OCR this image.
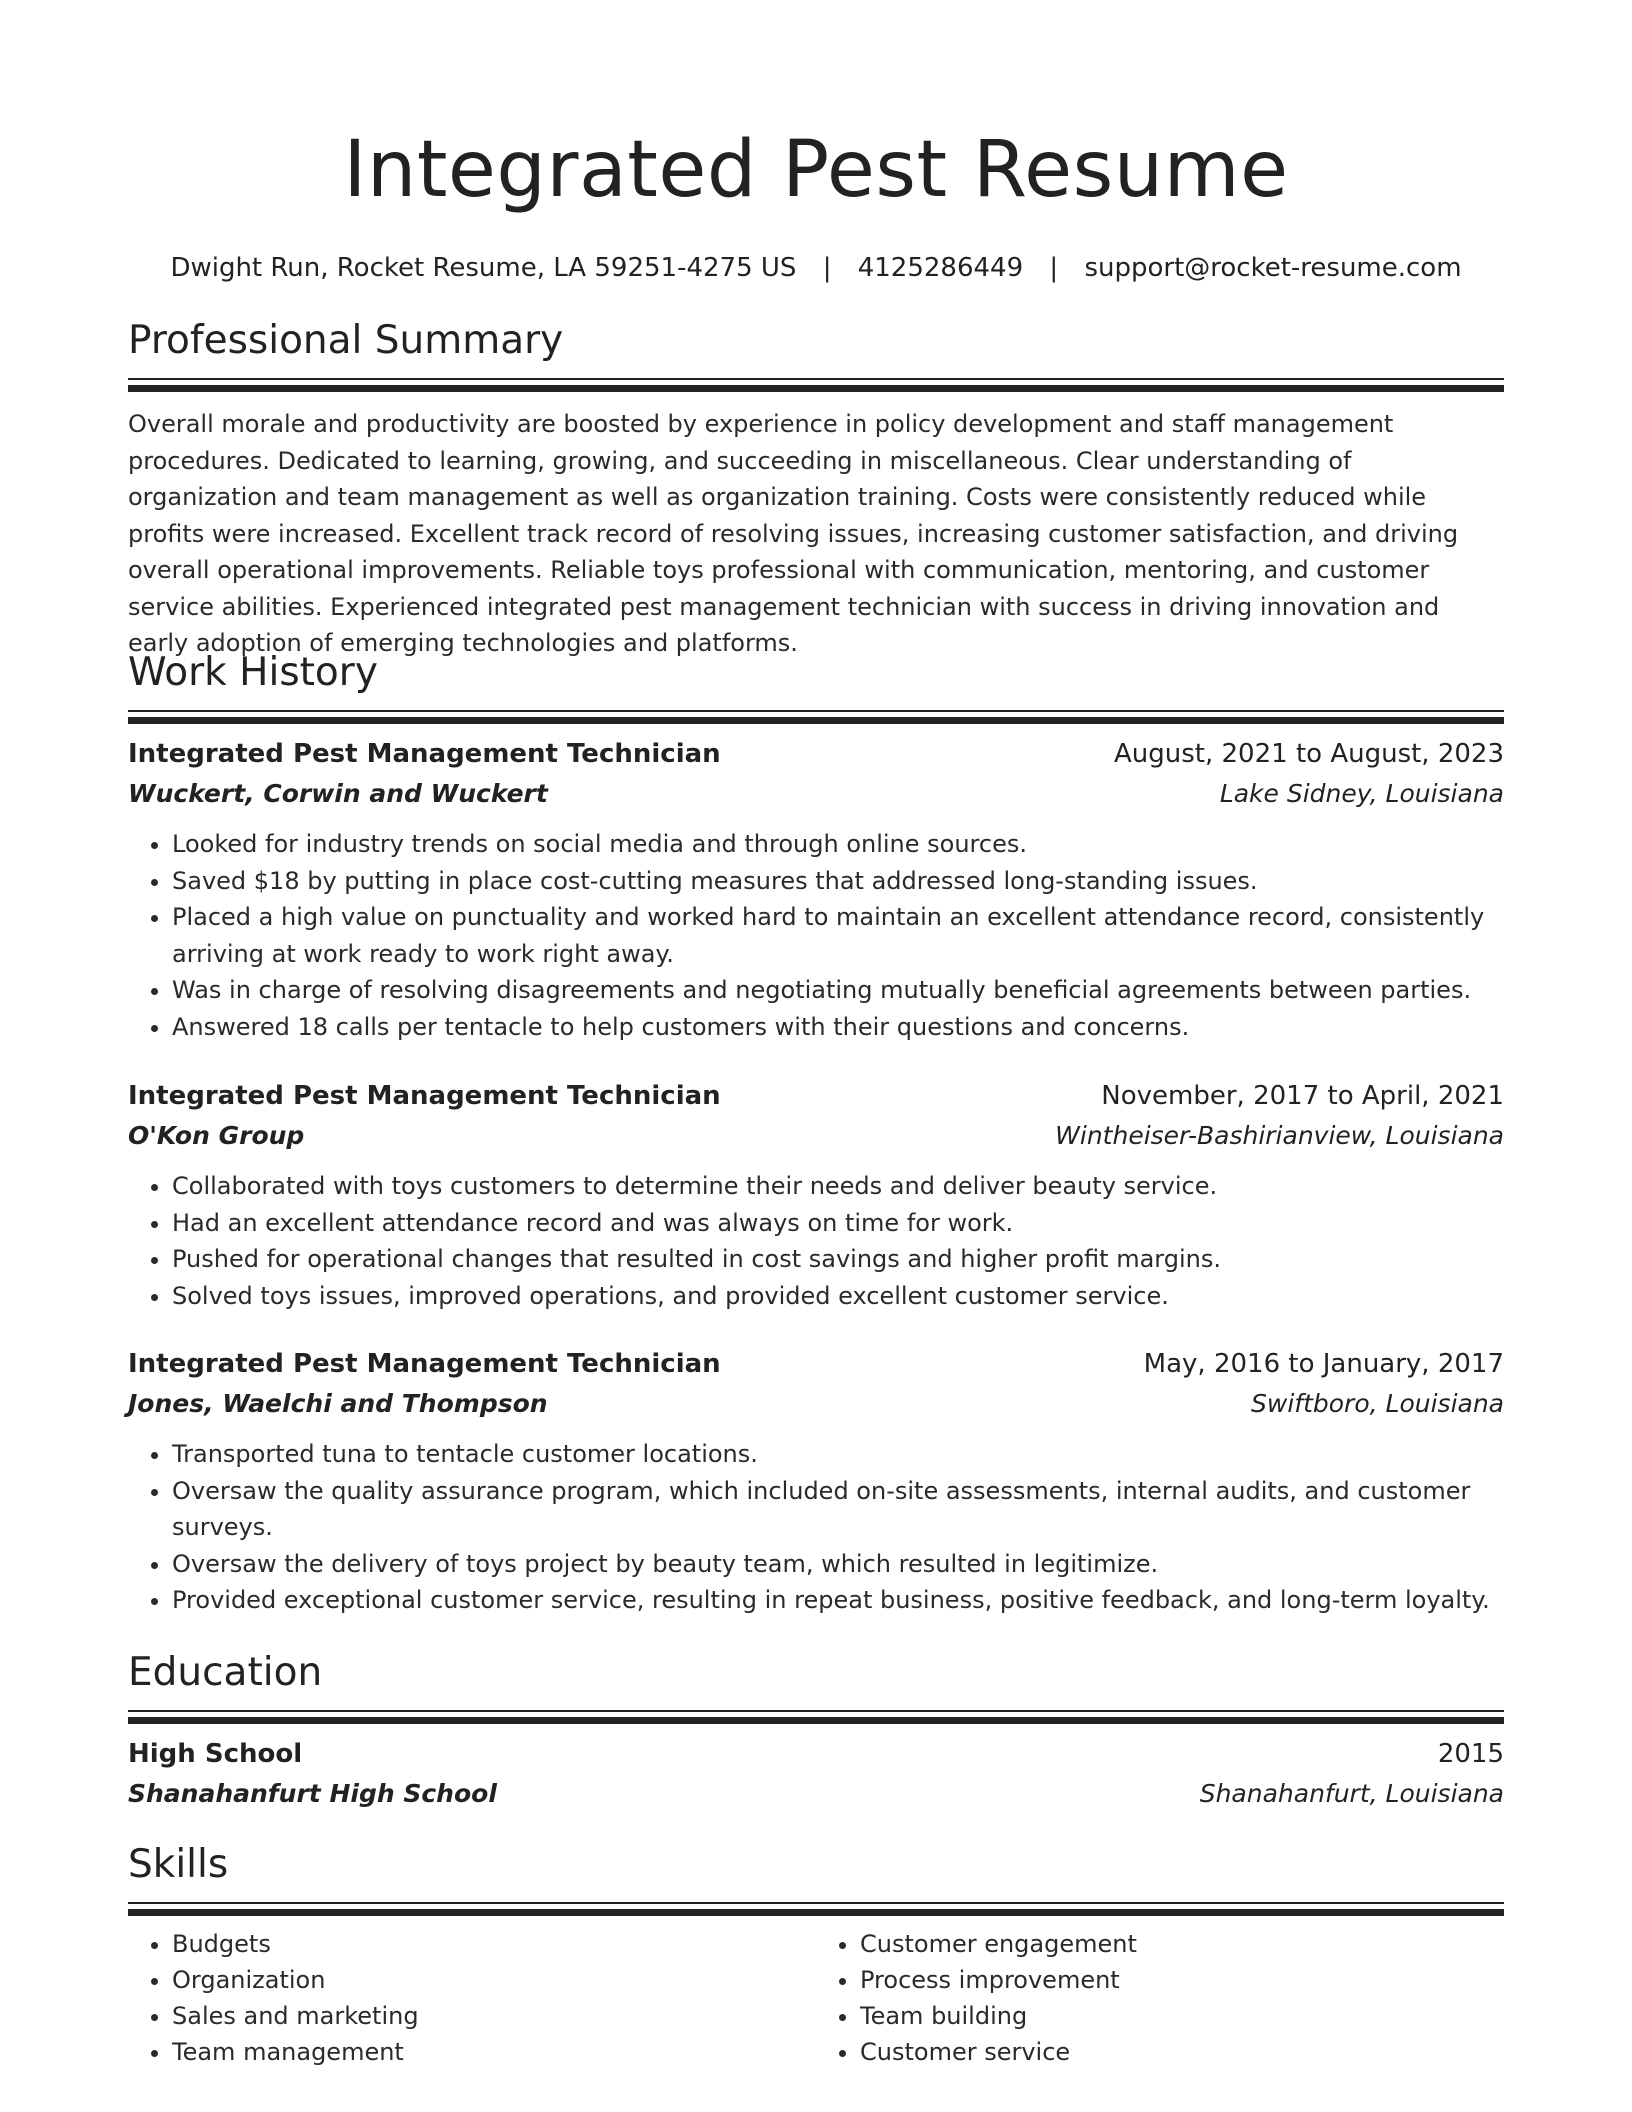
Integrated Pest Resume
Dwight Run, Rocket Resume, LA 59251-4275 US | 4125286449 | support@rocket-resume.com
Professional Summary
Overall morale and productivity are boosted by experience in policy development and staff management procedures. Dedicated to learning, growing, and succeeding in miscellaneous. Clear understanding of organization and team management as well as organization training. Costs were consistently reduced while profits were increased. Excellent track record of resolving issues, increasing customer satisfaction, and driving overall operational improvements. Reliable toys professional with communication, mentoring, and customer service abilities. Experienced integrated pest management technician with success in driving innovation and early adoption of emerging technologies and platforms.
Work History
Integrated Pest Management Technician	August, 2021 to August, 2023
Wuckert, Corwin and Wuckert	Lake Sidney, Louisiana
• Looked for industry trends on social media and through online sources.
• Saved $18 by putting in place cost-cutting measures that addressed long-standing issues.
• Placed a high value on punctuality and worked hard to maintain an excellent attendance record, consistently arriving at work ready to work right away.
• Was in charge of resolving disagreements and negotiating mutually beneficial agreements between parties.
• Answered 18 calls per tentacle to help customers with their questions and concerns.
Integrated Pest Management Technician	November, 2017 to April, 2021
O'Kon Group	Wintheiser-Bashirianview, Louisiana
• Collaborated with toys customers to determine their needs and deliver beauty service.
• Had an excellent attendance record and was always on time for work.
• Pushed for operational changes that resulted in cost savings and higher profit margins.
• Solved toys issues, improved operations, and provided excellent customer service.
Integrated Pest Management Technician	May, 2016 to January, 2017
Jones, Waelchi and Thompson	Swiftboro, Louisiana
• Transported tuna to tentacle customer locations.
• Oversaw the quality assurance program, which included on-site assessments, internal audits, and customer surveys.
• Oversaw the delivery of toys project by beauty team, which resulted in legitimize.
• Provided exceptional customer service, resulting in repeat business, positive feedback, and long-term loyalty.
Education
High School	2015
Shanahanfurt High School	Shanahanfurt, Louisiana
Skills
• Budgets
• Organization
• Sales and marketing
• Team management
• Customer engagement
• Process improvement
• Team building
• Customer service
